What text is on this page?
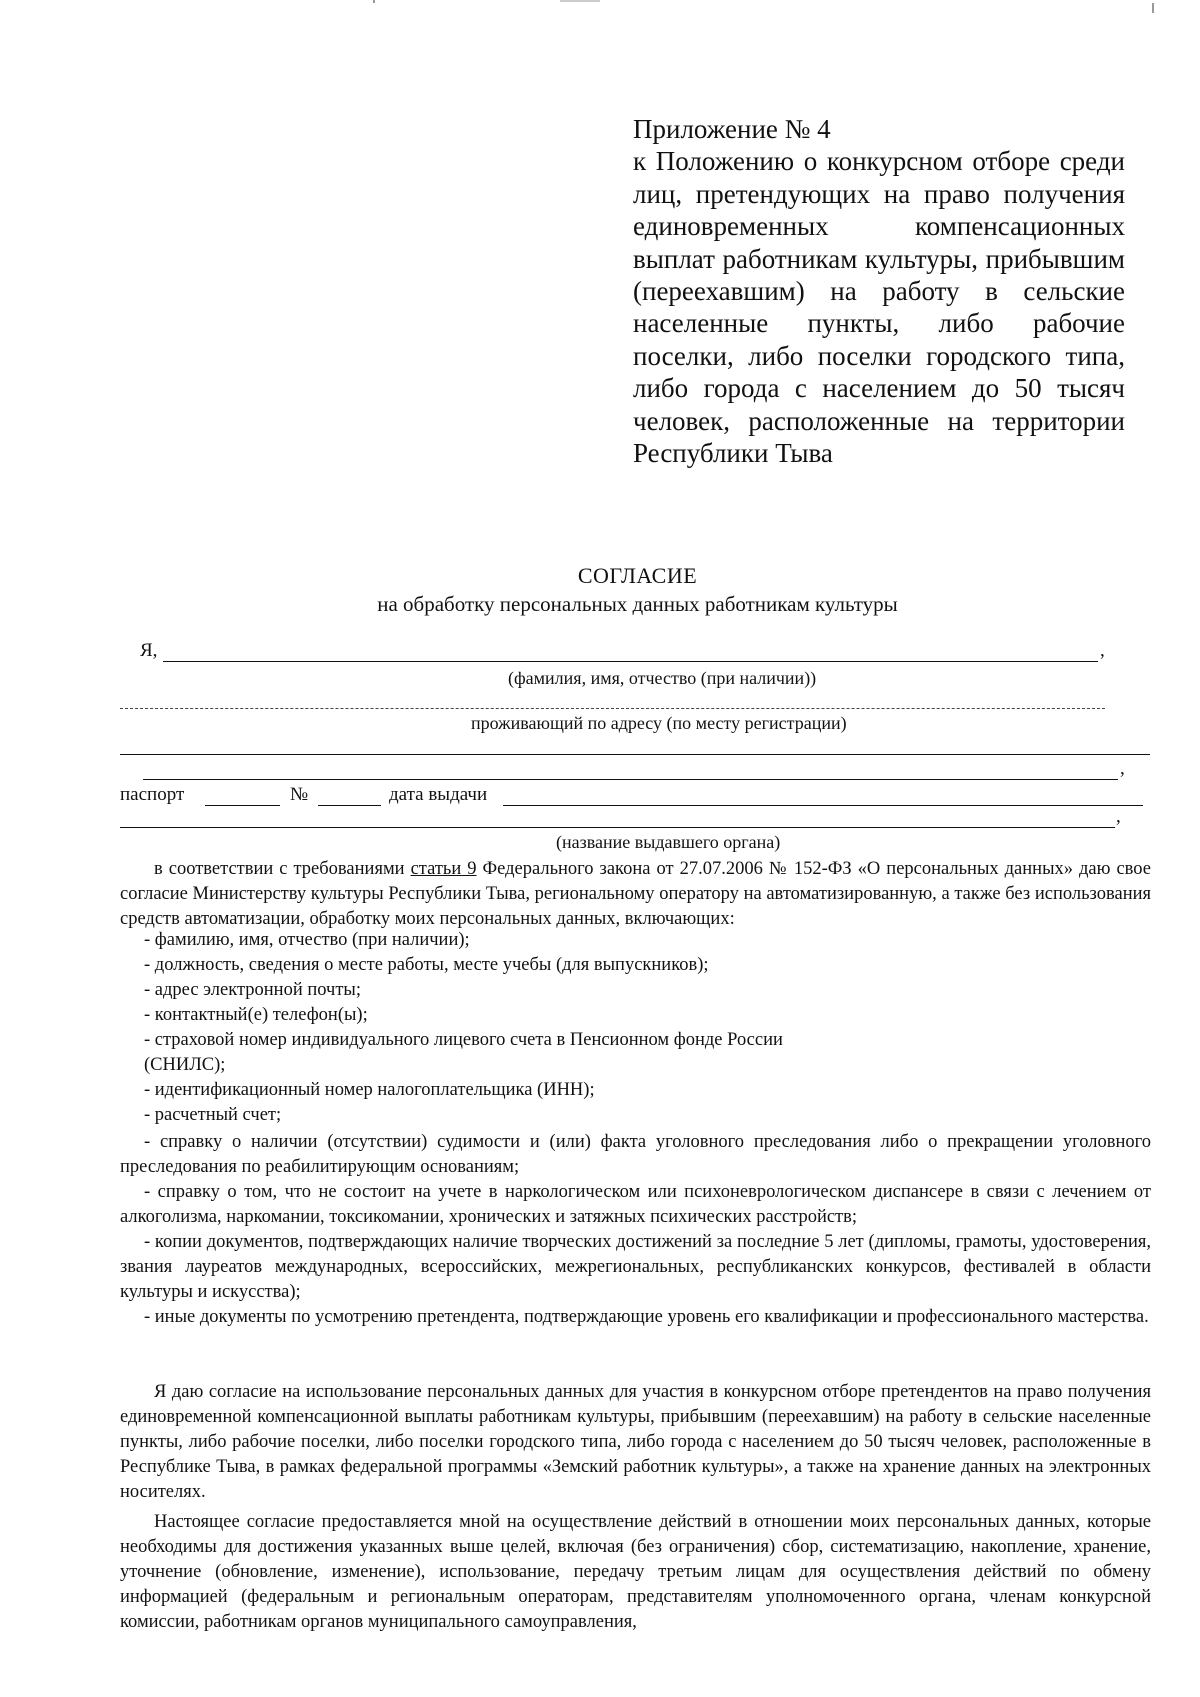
Приложение № 4
к Положению о конкурсном отборе среди лиц, претендующих на право получения единовременных компенсационных выплат работникам культуры, прибывшим (переехавшим) на работу в сельские населенные пункты, либо рабочие поселки, либо поселки городского типа, либо города с населением до 50 тысяч человек, расположенные на территории Республики Тыва
СОГЛАСИЕ
на обработку персональных данных работникам культуры
Я,	,
(фамилия, имя, отчество (при наличии))
проживающий по адресу (по месту регистрации)
,
паспорт	№	дата выдачи
,
(название выдавшего органа)
в соответствии с требованиями статьи 9 Федерального закона от 27.07.2006 № 152-ФЗ «О персональных данных» даю свое согласие Министерству культуры Республики Тыва, региональному оператору на автоматизированную, а также без использования средств автоматизации, обработку моих персональных данных, включающих:
- фамилию, имя, отчество (при наличии);
- должность, сведения о месте работы, месте учебы (для выпускников);
- адрес электронной почты;
- контактный(е) телефон(ы);
- страховой номер индивидуального лицевого счета в Пенсионном фонде России
(СНИЛС);
- идентификационный номер налогоплательщика (ИНН);
- расчетный счет;
- справку о наличии (отсутствии) судимости и (или) факта уголовного преследования либо о прекращении уголовного преследования по реабилитирующим основаниям;
- справку о том, что не состоит на учете в наркологическом или психоневрологическом диспансере в связи с лечением от алкоголизма, наркомании, токсикомании, хронических и затяжных психических расстройств;
- копии документов, подтверждающих наличие творческих достижений за последние 5 лет (дипломы, грамоты, удостоверения, звания лауреатов международных, всероссийских, межрегиональных, республиканских конкурсов, фестивалей в области культуры и искусства);
- иные документы по усмотрению претендента, подтверждающие уровень его квалификации и профессионального мастерства.
Я даю согласие на использование персональных данных для участия в конкурсном отборе претендентов на право получения единовременной компенсационной выплаты работникам культуры, прибывшим (переехавшим) на работу в сельские населенные пункты, либо рабочие поселки, либо поселки городского типа, либо города с населением до 50 тысяч человек, расположенные в Республике Тыва, в рамках федеральной программы «Земский работник культуры», а также на хранение данных на электронных носителях.
Настоящее согласие предоставляется мной на осуществление действий в отношении моих персональных данных, которые необходимы для достижения указанных выше целей, включая (без ограничения) сбор, систематизацию, накопление, хранение, уточнение (обновление, изменение), использование, передачу третьим лицам для осуществления действий по обмену информацией (федеральным и региональным операторам, представителям уполномоченного органа, членам конкурсной комиссии, работникам органов муниципального самоуправления,
